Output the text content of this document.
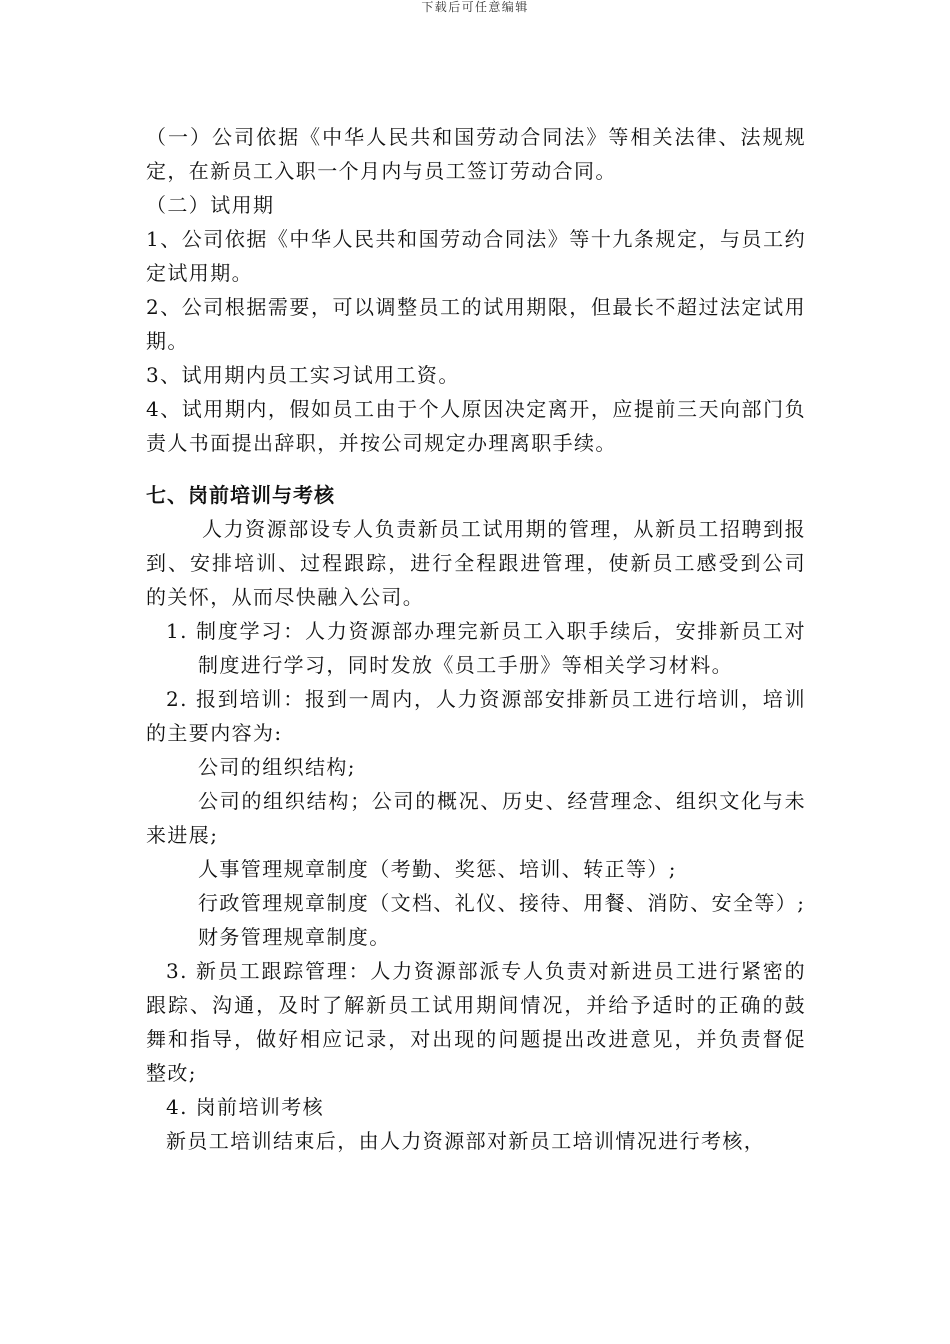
下载后可任意编辑

（一）公司依据《中华人民共和国劳动合同法》等相关法律、法规规定，在新员工入职一个月内与员工签订劳动合同。

（二）试用期

1、公司依据《中华人民共和国劳动合同法》等十九条规定，与员工约定试用期。

2、公司根据需要，可以调整员工的试用期限，但最长不超过法定试用期。

3、试用期内员工实习试用工资。

4、试用期内，假如员工由于个人原因决定离开，应提前三天向部门负责人书面提出辞职，并按公司规定办理离职手续。

七、岗前培训与考核

人力资源部设专人负责新员工试用期的管理，从新员工招聘到报到、安排培训、过程跟踪，进行全程跟进管理，使新员工感受到公司的关怀，从而尽快融入公司。

1. 制度学习：人力资源部办理完新员工入职手续后，安排新员工对制度进行学习，同时发放《员工手册》等相关学习材料。

2. 报到培训：报到一周内，人力资源部安排新员工进行培训，培训的主要内容为:

公司的组织结构;

公司的组织结构；公司的概况、历史、经营理念、组织文化与未来进展;

人事管理规章制度（考勤、奖惩、培训、转正等）;

行政管理规章制度（文档、礼仪、接待、用餐、消防、安全等）;

财务管理规章制度。

3. 新员工跟踪管理：人力资源部派专人负责对新进员工进行紧密的跟踪、沟通，及时了解新员工试用期间情况，并给予适时的正确的鼓舞和指导，做好相应记录，对出现的问题提出改进意见，并负责督促整改;

4. 岗前培训考核

新员工培训结束后，由人力资源部对新员工培训情况进行考核，
